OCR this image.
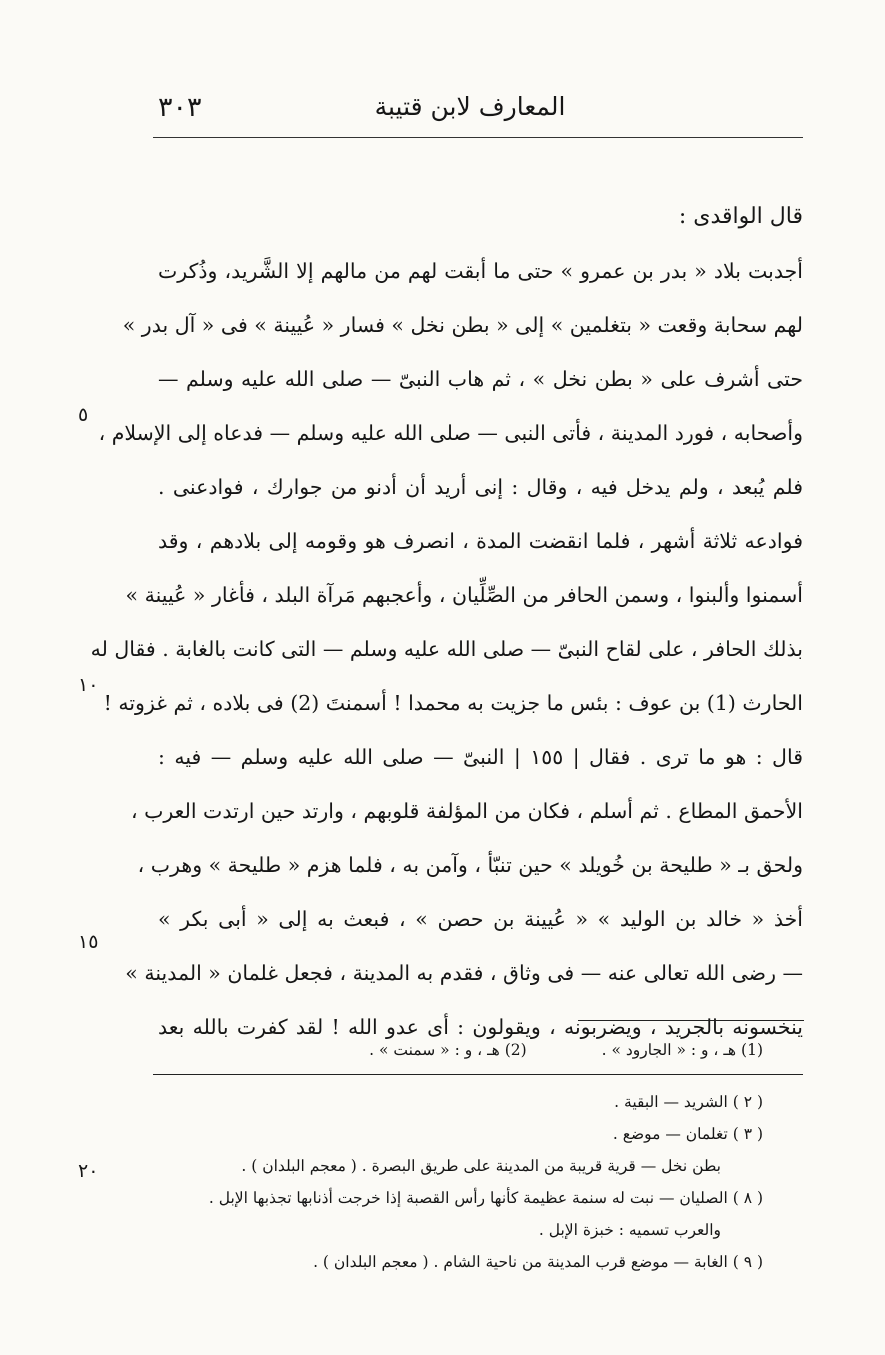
٣٠٣	المعارف لابن قتيبة
قال الواقدى :
أجدبت بلاد « بدر بن عمرو » حتى ما أبقت لهم من مالهم إلا الشَّريد، وذُكرت
لهم سحابة وقعت « بتغلمين » إلى « بطن نخل » فسار « عُيينة » فى « آل بدر »
حتى أشرف على « بطن نخل » ، ثم هاب النبىّ — صلى الله عليه وسلم —
وأصحابه ، فورد المدينة ، فأتى النبى — صلى الله عليه وسلم — فدعاه إلى الإسلام ،
فلم يُبعد ، ولم يدخل فيه ، وقال : إنى أريد أن أدنو من جوارك ، فوادعنى .
فوادعه ثلاثة أشهر ، فلما انقضت المدة ، انصرف هو وقومه إلى بلادهم ، وقد
أسمنوا وألبنوا ، وسمن الحافر من الصِّلِّيان ، وأعجبهم مَرآة البلد ، فأغار « عُيينة »
بذلك الحافر ، على لقاح النبىّ — صلى الله عليه وسلم — التى كانت بالغابة . فقال له
الحارث (1) بن عوف : بئس ما جزيت به محمدا ! أسمنتَ (2) فى بلاده ، ثم غزوته !
قال : هو ما ترى . فقال | ١٥٥ | النبىّ — صلى الله عليه وسلم — فيه :
الأحمق المطاع . ثم أسلم ، فكان من المؤلفة قلوبهم ، وارتد حين ارتدت العرب ،
ولحق بـ « طليحة بن خُويلد » حين تنبّأ ، وآمن به ، فلما هزم « طليحة » وهرب ،
أخذ « خالد بن الوليد » « عُيينة بن حصن » ، فبعث به إلى « أبى بكر »
— رضى الله تعالى عنه — فى وثاق ، فقدم به المدينة ، فجعل غلمان « المدينة »
ينخسونه بالجريد ، ويضربونه ، ويقولون : أى عدو الله ! لقد كفرت بالله بعد
٥
١٠
١٥
٢٠
(1) هـ ، و : « الجارود » . (2) هـ ، و : « سمنت » .
( ٢ ) الشريد — البقية .
( ٣ ) تغلمان — موضع .
بطن نخل — قرية قريبة من المدينة على طريق البصرة . ( معجم البلدان ) .
( ٨ ) الصليان — نبت له سنمة عظيمة كأنها رأس القصبة إذا خرجت أذنابها تجذبها الإبل .
والعرب تسميه : خبزة الإبل .
( ٩ ) الغابة — موضع قرب المدينة من ناحية الشام . ( معجم البلدان ) .
